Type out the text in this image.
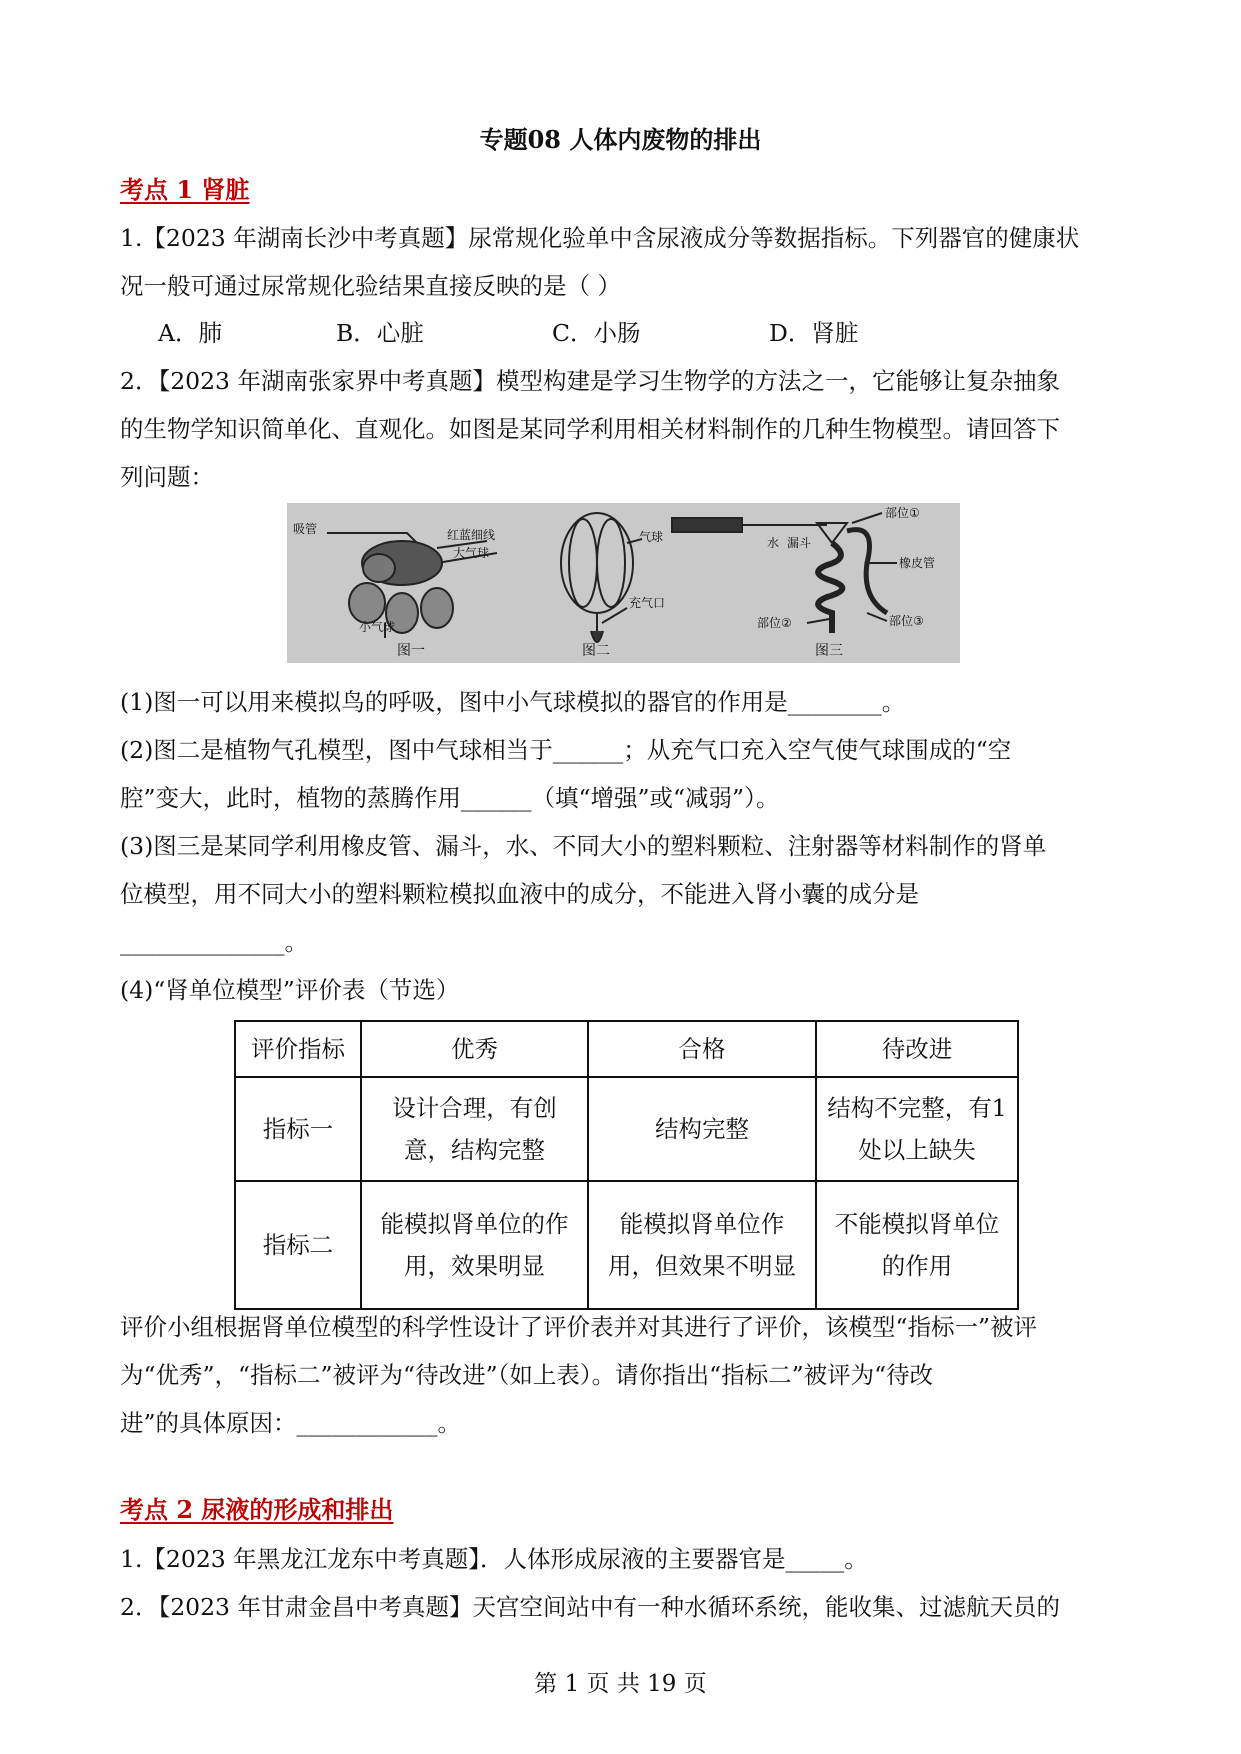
专题08 人体内废物的排出
考点 1 肾脏
1.【2023 年湖南长沙中考真题】尿常规化验单中含尿液成分等数据指标。下列器官的健康状
况一般可通过尿常规化验结果直接反映的是（ ）
A．肺	B．心脏	C．小肠	D．肾脏
2．【2023 年湖南张家界中考真题】模型构建是学习生物学的方法之一，它能够让复杂抽象
的生物学知识简单化、直观化。如图是某同学利用相关材料制作的几种生物模型。请回答下
列问题：
吸管	红蓝细线
大气球
小气球
图一
气球
充气口
图二
水 漏斗
部位①
橡皮管
部位②	部位③
图三
(1)图一可以用来模拟鸟的呼吸，图中小气球模拟的器官的作用是________。
(2)图二是植物气孔模型，图中气球相当于______；从充气口充入空气使气球围成的“空
腔”变大，此时，植物的蒸腾作用______（填“增强”或“减弱”）。
(3)图三是某同学利用橡皮管、漏斗，水、不同大小的塑料颗粒、注射器等材料制作的肾单
位模型，用不同大小的塑料颗粒模拟血液中的成分，不能进入肾小囊的成分是
______________。
(4)“肾单位模型”评价表（节选）
评价指标	优秀	合格	待改进
指标一	设计合理，有创意，结构完整	结构完整	结构不完整，有1 处以上缺失
指标二	能模拟肾单位的作用，效果明显	能模拟肾单位作用，但效果不明显	不能模拟肾单位的作用
评价小组根据肾单位模型的科学性设计了评价表并对其进行了评价，该模型“指标一”被评
为“优秀”，“指标二”被评为“待改进”（如上表）。请你指出“指标二”被评为“待改
进”的具体原因：____________。
考点 2 尿液的形成和排出
1.【2023 年黑龙江龙东中考真题】．人体形成尿液的主要器官是_____。
2．【2023 年甘肃金昌中考真题】天宫空间站中有一种水循环系统，能收集、过滤航天员的
第 1 页 共 19 页
